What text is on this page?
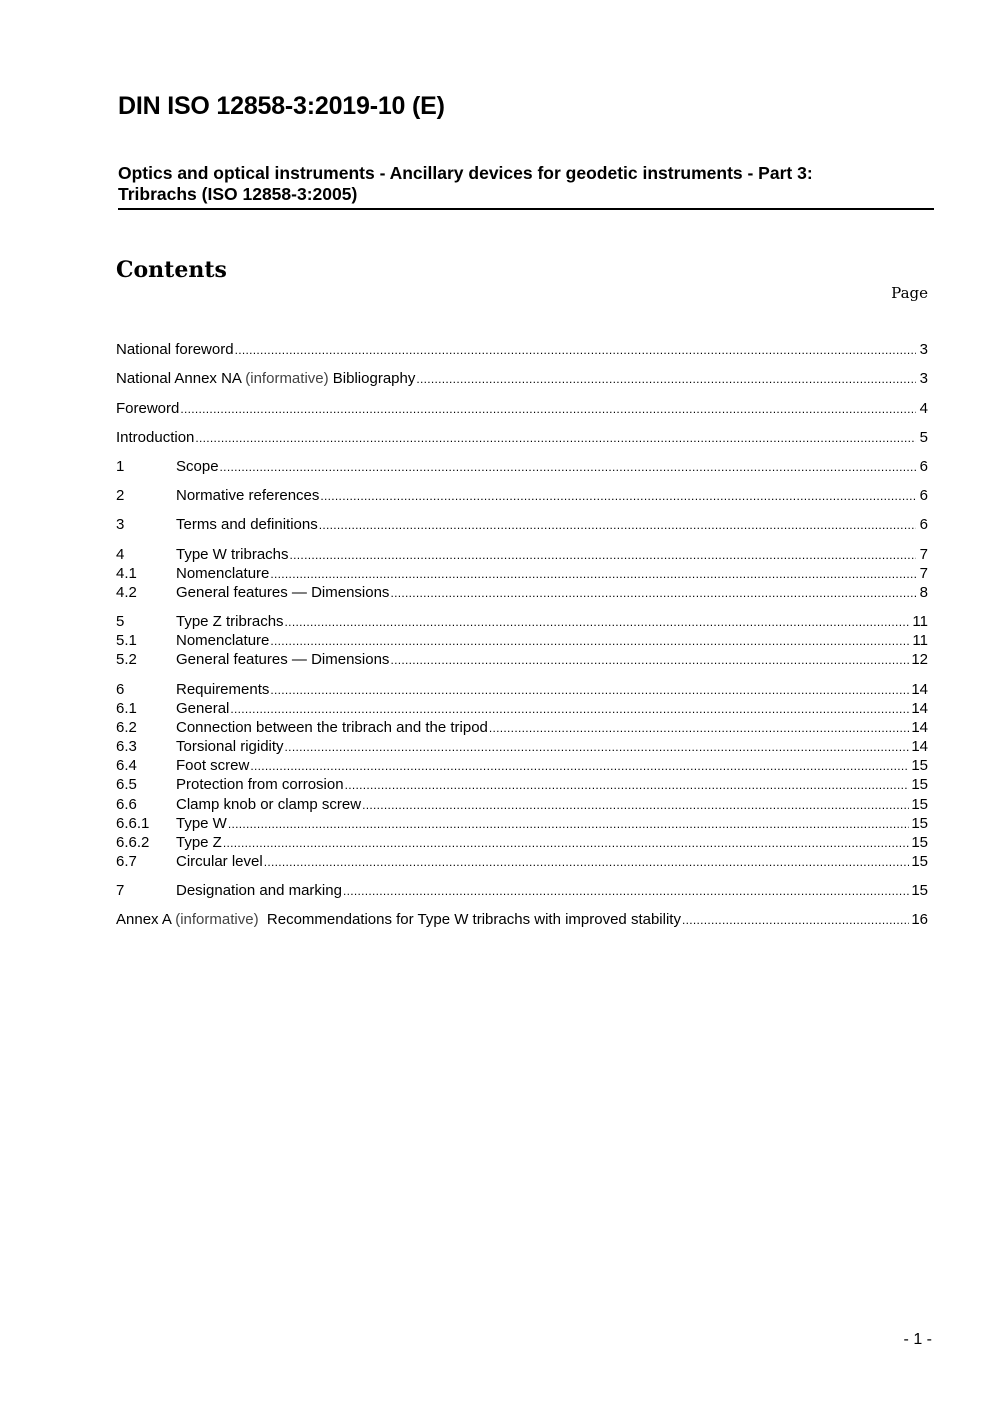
DIN ISO 12858-3:2019-10 (E)
Optics and optical instruments - Ancillary devices for geodetic instruments - Part 3:
Tribrachs (ISO 12858-3:2005)
Contents
Page
National foreword .....	3
National Annex NA (informative) Bibliography .....	3
Foreword .....	4
Introduction .....	5
1	Scope .....	6
2	Normative references .....	6
3	Terms and definitions .....	6
4	Type W tribrachs .....	7
4.1	Nomenclature .....	7
4.2	General features — Dimensions .....	8
5	Type Z tribrachs .....	11
5.1	Nomenclature .....	11
5.2	General features — Dimensions .....	12
6	Requirements .....	14
6.1	General .....	14
6.2	Connection between the tribrach and the tripod .....	14
6.3	Torsional rigidity .....	14
6.4	Foot screw .....	15
6.5	Protection from corrosion .....	15
6.6	Clamp knob or clamp screw .....	15
6.6.1	Type W .....	15
6.6.2	Type Z .....	15
6.7	Circular level .....	15
7	Designation and marking .....	15
Annex A (informative)  Recommendations for Type W tribrachs with improved stability .....	16
- 1 -
